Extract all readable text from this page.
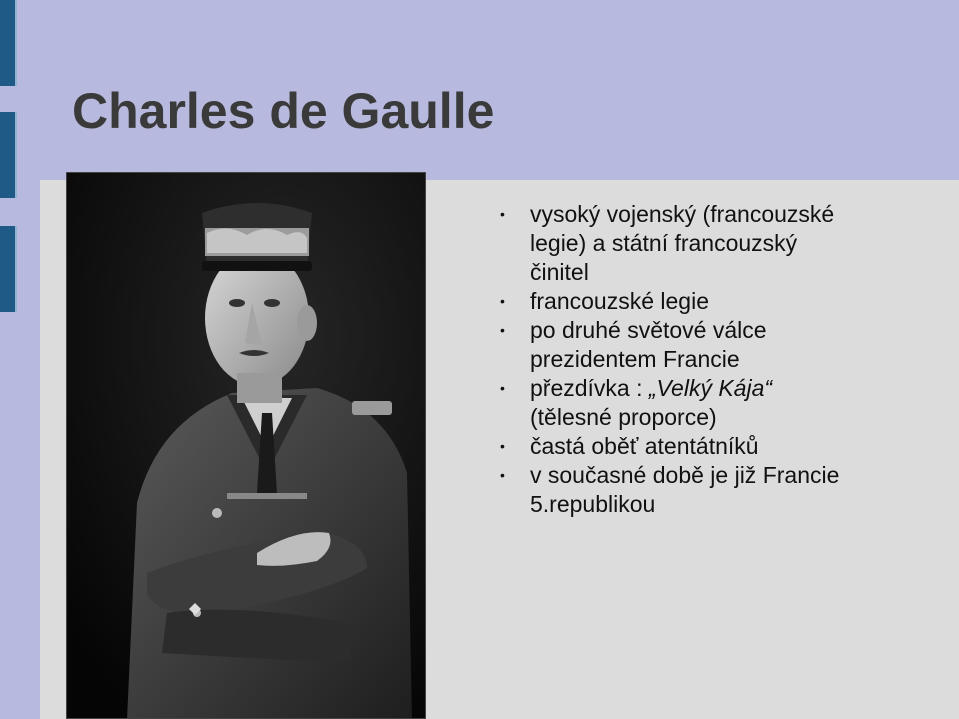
Charles de Gaulle
• vysoký vojenský (francouzské
legie) a státní francouzský
činitel
• francouzské legie
• po druhé světové válce
prezidentem Francie
• přezdívka : „Velký Kája“
(tělesné proporce)
• častá oběť atentátníků
• v současné době je již Francie
5.republikou
